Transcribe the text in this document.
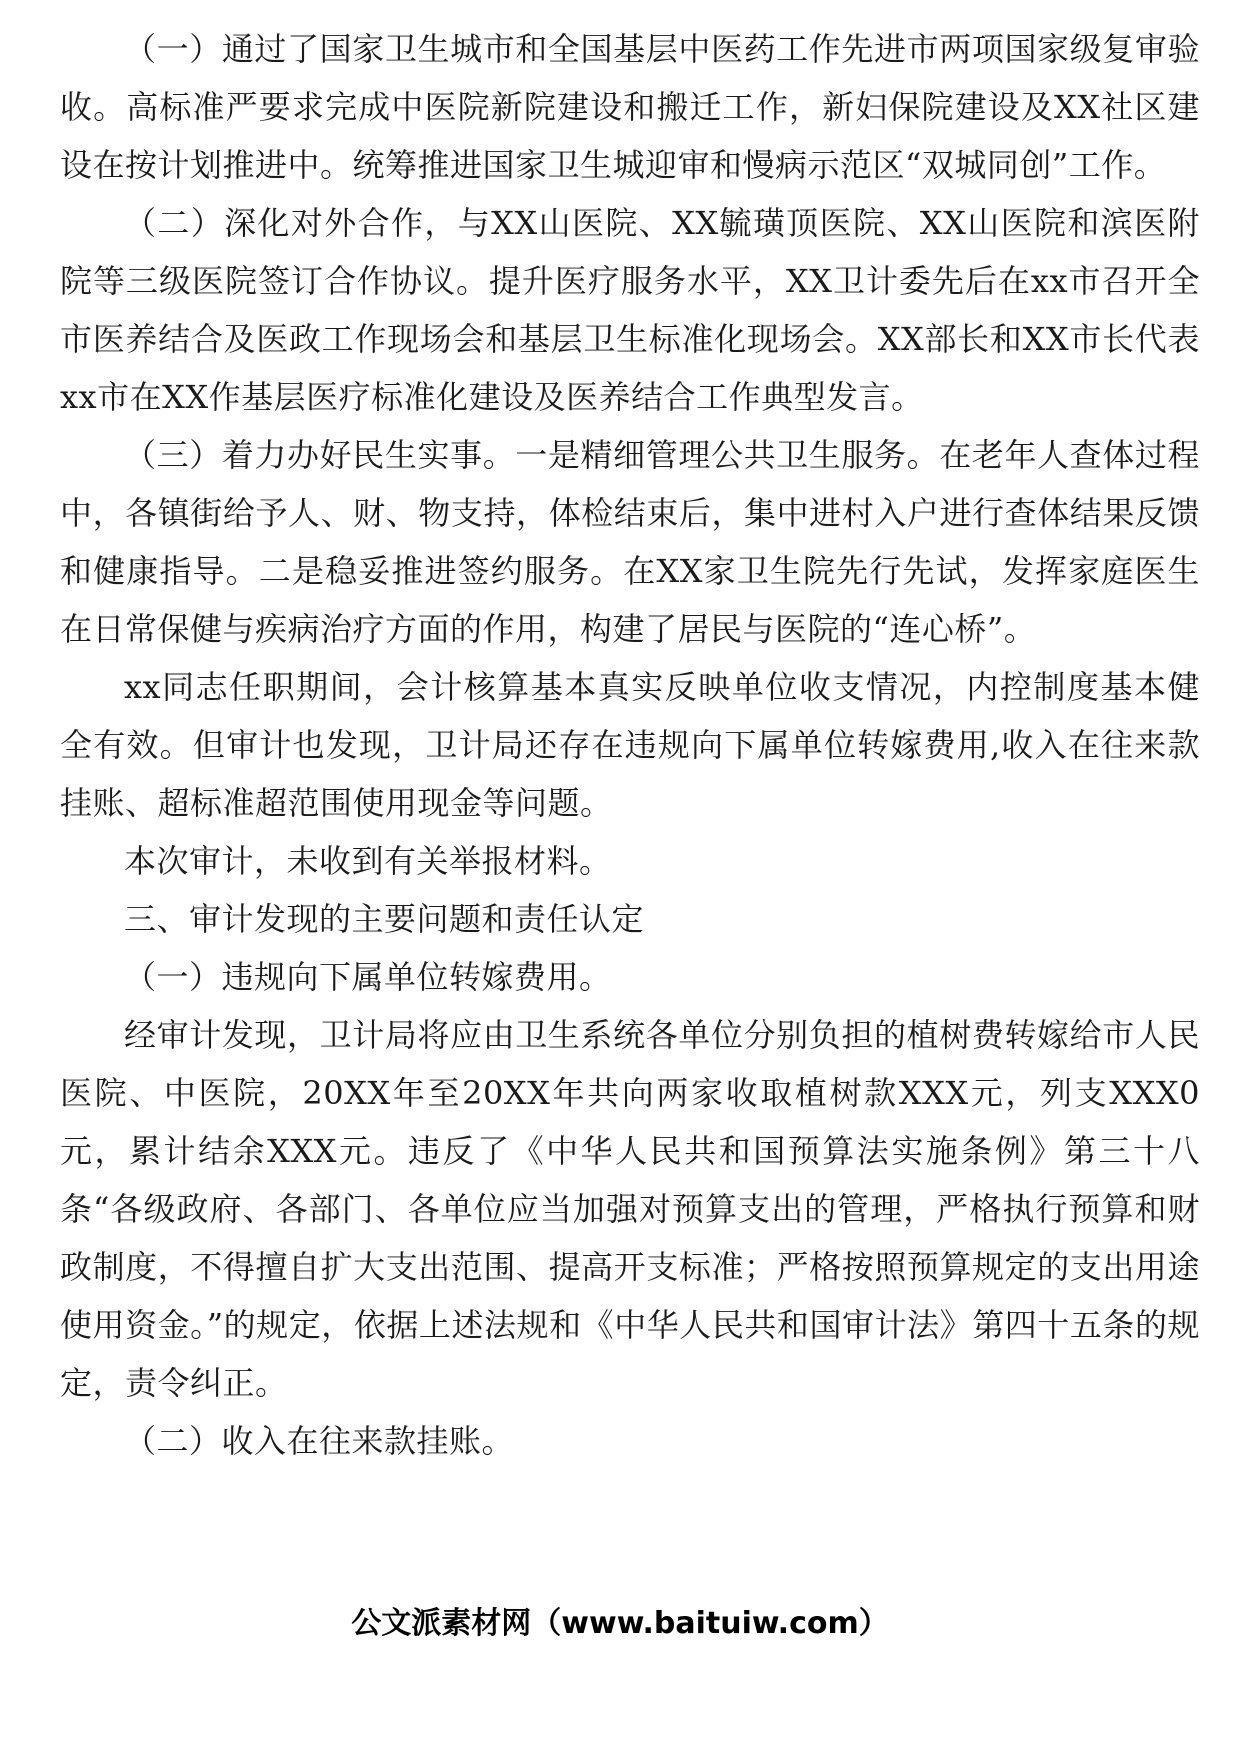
（一）通过了国家卫生城市和全国基层中医药工作先进市两项国家级复审验收。高标准严要求完成中医院新院建设和搬迁工作，新妇保院建设及XX社区建设在按计划推进中。统筹推进国家卫生城迎审和慢病示范区“双城同创”工作。

（二）深化对外合作，与XX山医院、XX毓璜顶医院、XX山医院和滨医附院等三级医院签订合作协议。提升医疗服务水平，XX卫计委先后在xx市召开全市医养结合及医政工作现场会和基层卫生标准化现场会。XX部长和XX市长代表xx市在XX作基层医疗标准化建设及医养结合工作典型发言。

（三）着力办好民生实事。一是精细管理公共卫生服务。在老年人查体过程中，各镇街给予人、财、物支持，体检结束后，集中进村入户进行查体结果反馈和健康指导。二是稳妥推进签约服务。在XX家卫生院先行先试，发挥家庭医生在日常保健与疾病治疗方面的作用，构建了居民与医院的“连心桥”。

xx同志任职期间，会计核算基本真实反映单位收支情况，内控制度基本健全有效。但审计也发现，卫计局还存在违规向下属单位转嫁费用,收入在往来款挂账、超标准超范围使用现金等问题。

本次审计，未收到有关举报材料。

三、审计发现的主要问题和责任认定

（一）违规向下属单位转嫁费用。

经审计发现，卫计局将应由卫生系统各单位分别负担的植树费转嫁给市人民医院、中医院，20XX年至20XX年共向两家收取植树款XXX元，列支XXX0元，累计结余XXX元。违反了《中华人民共和国预算法实施条例》第三十八条“各级政府、各部门、各单位应当加强对预算支出的管理，严格执行预算和财政制度，不得擅自扩大支出范围、提高开支标准；严格按照预算规定的支出用途使用资金。”的规定，依据上述法规和《中华人民共和国审计法》第四十五条的规定，责令纠正。

（二）收入在往来款挂账。

公文派素材网（www.baituiw.com）
